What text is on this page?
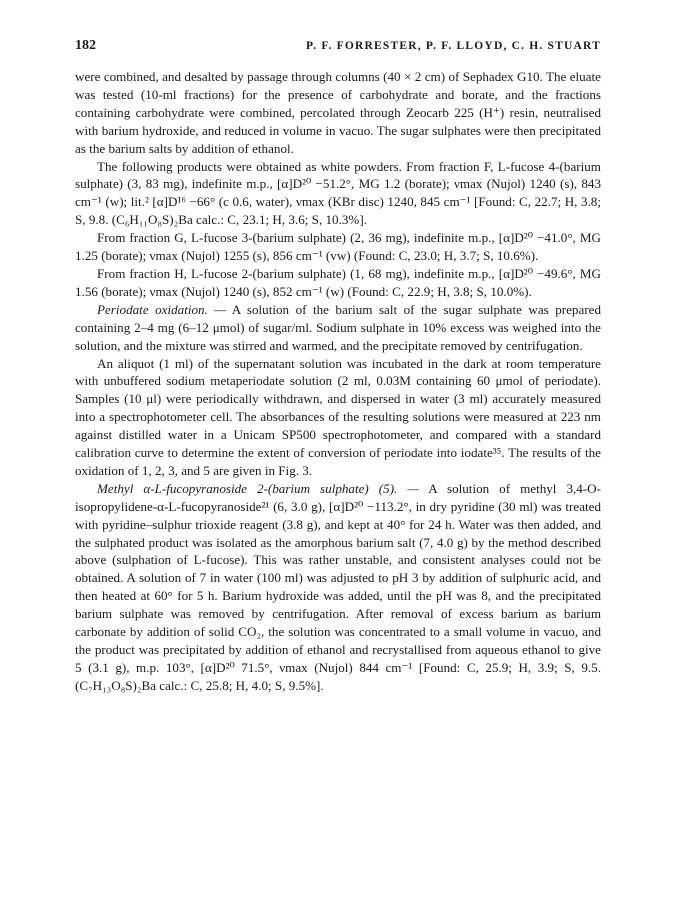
182	P. F. FORRESTER, P. F. LLOYD, C. H. STUART

were combined, and desalted by passage through columns (40 × 2 cm) of Sephadex G10. The eluate was tested (10-ml fractions) for the presence of carbohydrate and borate, and the fractions containing carbohydrate were combined, percolated through Zeocarb 225 (H⁺) resin, neutralised with barium hydroxide, and reduced in volume in vacuo. The sugar sulphates were then precipitated as the barium salts by addition of ethanol.

The following products were obtained as white powders. From fraction F, L-fucose 4-(barium sulphate) (3, 83 mg), indefinite m.p., [α]D²⁰ −51.2°, MG 1.2 (borate); νmax (Nujol) 1240 (s), 843 cm⁻¹ (w); lit.² [α]D¹⁶ −66° (c 0.6, water), νmax (KBr disc) 1240, 845 cm⁻¹ [Found: C, 22.7; H, 3.8; S, 9.8. (C₆H₁₁O₈S)₂Ba calc.: C, 23.1; H, 3.6; S, 10.3%].

From fraction G, L-fucose 3-(barium sulphate) (2, 36 mg), indefinite m.p., [α]D²⁰ −41.0°, MG 1.25 (borate); νmax (Nujol) 1255 (s), 856 cm⁻¹ (vw) (Found: C, 23.0; H, 3.7; S, 10.6%).

From fraction H, L-fucose 2-(barium sulphate) (1, 68 mg), indefinite m.p., [α]D²⁰ −49.6°, MG 1.56 (borate); νmax (Nujol) 1240 (s), 852 cm⁻¹ (w) (Found: C, 22.9; H, 3.8; S, 10.0%).

Periodate oxidation. — A solution of the barium salt of the sugar sulphate was prepared containing 2–4 mg (6–12 μmol) of sugar/ml. Sodium sulphate in 10% excess was weighed into the solution, and the mixture was stirred and warmed, and the precipitate removed by centrifugation.

An aliquot (1 ml) of the supernatant solution was incubated in the dark at room temperature with unbuffered sodium metaperiodate solution (2 ml, 0.03M containing 60 μmol of periodate). Samples (10 μl) were periodically withdrawn, and dispersed in water (3 ml) accurately measured into a spectrophotometer cell. The absorbances of the resulting solutions were measured at 223 nm against distilled water in a Unicam SP500 spectrophotometer, and compared with a standard calibration curve to determine the extent of conversion of periodate into iodate³⁵. The results of the oxidation of 1, 2, 3, and 5 are given in Fig. 3.

Methyl α-L-fucopyranoside 2-(barium sulphate) (5). — A solution of methyl 3,4-O-isopropylidene-α-L-fucopyranoside²¹ (6, 3.0 g), [α]D²⁰ −113.2°, in dry pyridine (30 ml) was treated with pyridine–sulphur trioxide reagent (3.8 g), and kept at 40° for 24 h. Water was then added, and the sulphated product was isolated as the amorphous barium salt (7, 4.0 g) by the method described above (sulphation of L-fucose). This was rather unstable, and consistent analyses could not be obtained. A solution of 7 in water (100 ml) was adjusted to pH 3 by addition of sulphuric acid, and then heated at 60° for 5 h. Barium hydroxide was added, until the pH was 8, and the precipitated barium sulphate was removed by centrifugation. After removal of excess barium as barium carbonate by addition of solid CO₂, the solution was concentrated to a small volume in vacuo, and the product was precipitated by addition of ethanol and recrystallised from aqueous ethanol to give 5 (3.1 g), m.p. 103°, [α]D²⁰ 71.5°, νmax (Nujol) 844 cm⁻¹ [Found: C, 25.9; H, 3.9; S, 9.5. (C₇H₁₃O₈S)₂Ba calc.: C, 25.8; H, 4.0; S, 9.5%].
